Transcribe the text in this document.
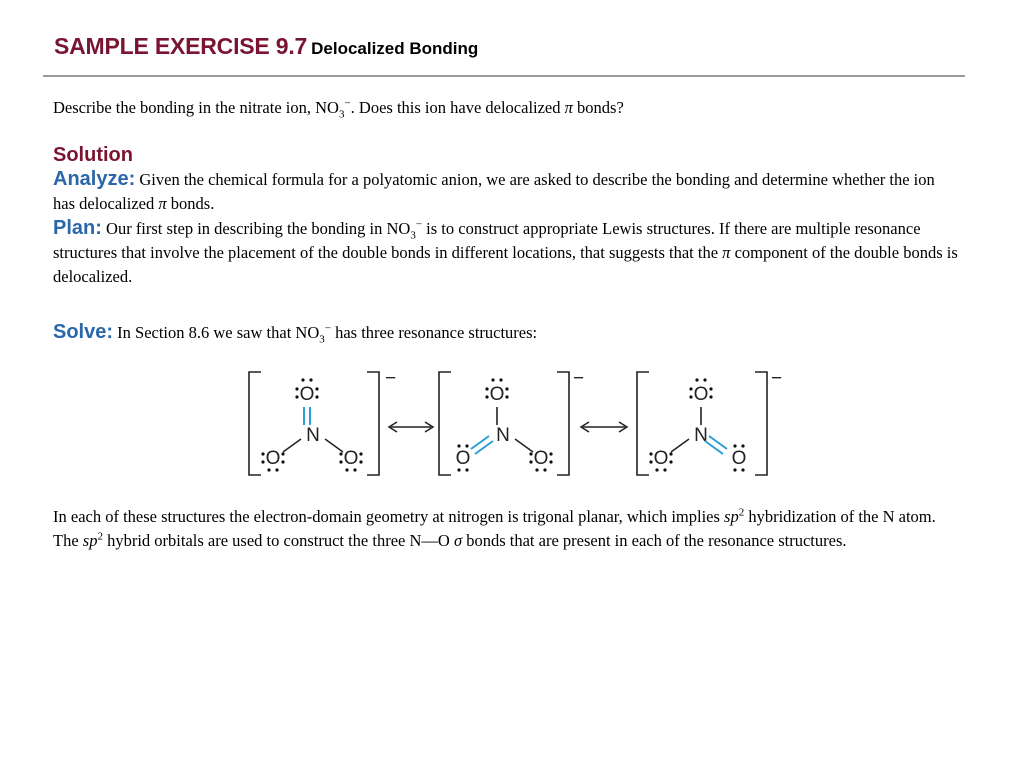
SAMPLE EXERCISE 9.7 Delocalized Bonding
Describe the bonding in the nitrate ion, $NO_3^-$. Does this ion have delocalized π bonds?
Solution
Analyze: Given the chemical formula for a polyatomic anion, we are asked to describe the bonding and determine whether the ion has delocalized π bonds.
Plan: Our first step in describing the bonding in $NO_3^-$ is to construct appropriate Lewis structures. If there are multiple resonance structures that involve the placement of the double bonds in different locations, that suggests that the π component of the double bonds is delocalized.
Solve: In Section 8.6 we saw that $NO_3^-$ has three resonance structures:
−
O
N
O	O
−
O
N
O	O
−
O
N
O	O
In each of these structures the electron-domain geometry at nitrogen is trigonal planar, which implies $sp^2$ hybridization of the N atom. The $sp^2$ hybrid orbitals are used to construct the three N—O σ bonds that are present in each of the resonance structures.
